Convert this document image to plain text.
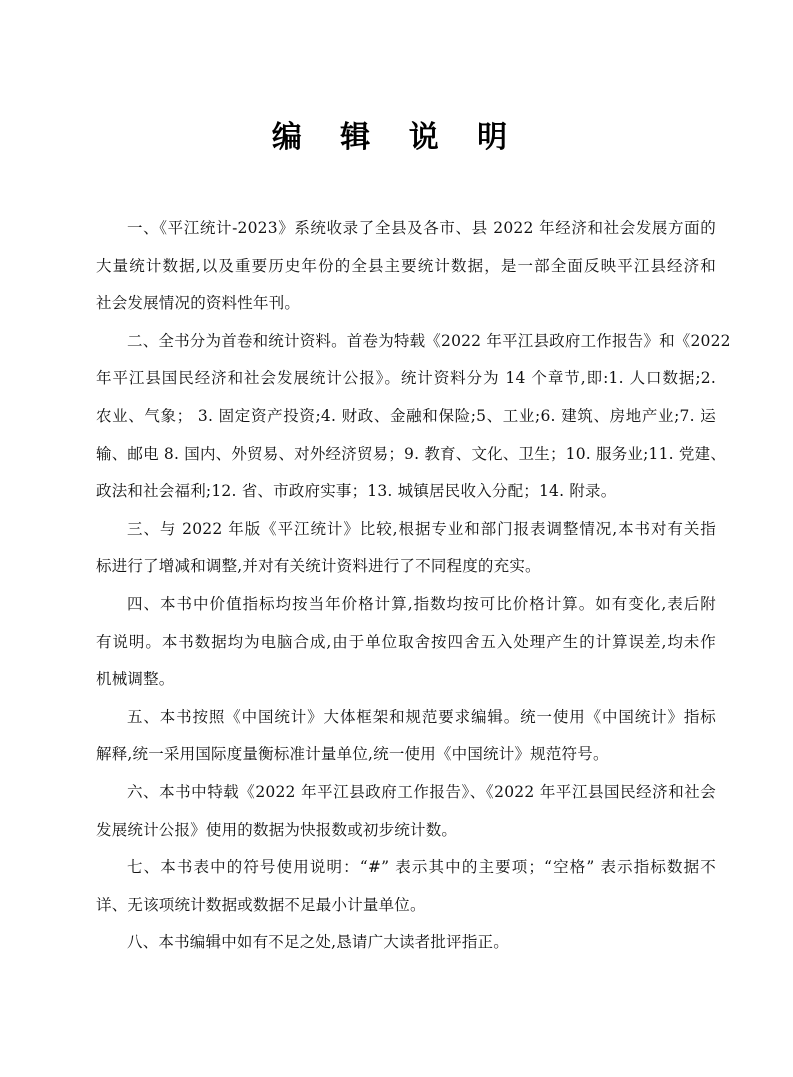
编 辑 说 明
一、《平江统计-2023》系统收录了全县及各市、县 2022 年经济和社会发展方面的
大量统计数据,以及重要历史年份的全县主要统计数据，是一部全面反映平江县经济和
社会发展情况的资料性年刊。
二、全书分为首卷和统计资料。首卷为特载《2022 年平江县政府工作报告》和《2022
年平江县国民经济和社会发展统计公报》。统计资料分为 14 个章节,即:1. 人口数据;2.
农业、气象； 3. 固定资产投资;4. 财政、金融和保险;5、工业;6. 建筑、房地产业;7. 运
输、邮电 8. 国内、外贸易、对外经济贸易；9. 教育、文化、卫生；10. 服务业;11. 党建、
政法和社会福利;12. 省、市政府实事；13. 城镇居民收入分配；14. 附录。
三、与 2022 年版《平江统计》比较,根据专业和部门报表调整情况,本书对有关指
标进行了增减和调整,并对有关统计资料进行了不同程度的充实。
四、本书中价值指标均按当年价格计算,指数均按可比价格计算。如有变化,表后附
有说明。本书数据均为电脑合成,由于单位取舍按四舍五入处理产生的计算误差,均未作
机械调整。
五、本书按照《中国统计》大体框架和规范要求编辑。统一使用《中国统计》指标
解释,统一采用国际度量衡标准计量单位,统一使用《中国统计》规范符号。
六、本书中特载《2022 年平江县政府工作报告》、《2022 年平江县国民经济和社会
发展统计公报》使用的数据为快报数或初步统计数。
七、本书表中的符号使用说明：“#” 表示其中的主要项；“空格” 表示指标数据不
详、无该项统计数据或数据不足最小计量单位。
八、本书编辑中如有不足之处,恳请广大读者批评指正。
